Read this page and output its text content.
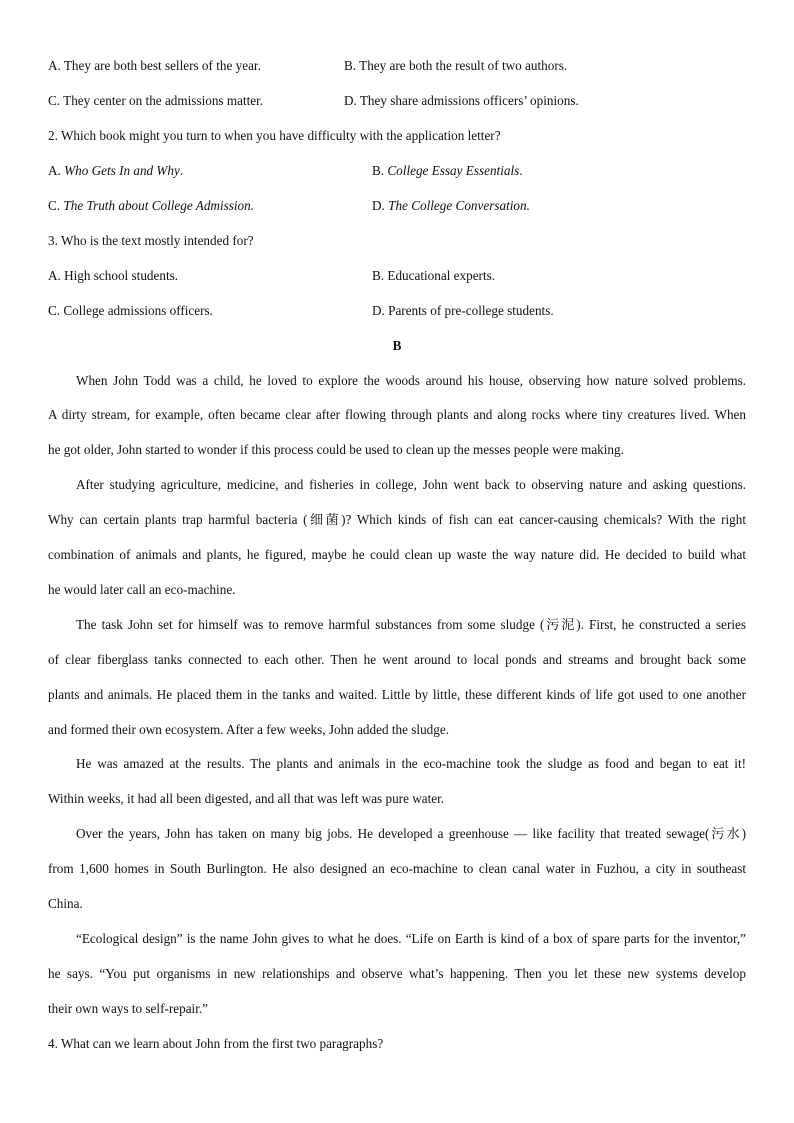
A. They are both best sellers of the year.	B. They are both the result of two authors.
C. They center on the admissions matter.	D. They share admissions officers’ opinions.
2. Which book might you turn to when you have difficulty with the application letter?
A. Who Gets In and Why.	B. College Essay Essentials.
C. The Truth about College Admission.	D. The College Conversation.
3. Who is the text mostly intended for?
A. High school students.	B. Educational experts.
C. College admissions officers.	D. Parents of pre-college students.
B
When John Todd was a child, he loved to explore the woods around his house, observing how nature solved problems.
A dirty stream, for example, often became clear after flowing through plants and along rocks where tiny creatures lived. When
he got older, John started to wonder if this process could be used to clean up the messes people were making.
After studying agriculture, medicine, and fisheries in college, John went back to observing nature and asking questions.
Why can certain plants trap harmful bacteria (细菌)? Which kinds of fish can eat cancer-causing chemicals? With the right
combination of animals and plants, he figured, maybe he could clean up waste the way nature did. He decided to build what
he would later call an eco-machine.
The task John set for himself was to remove harmful substances from some sludge (污泥). First, he constructed a series
of clear fiberglass tanks connected to each other. Then he went around to local ponds and streams and brought back some
plants and animals. He placed them in the tanks and waited. Little by little, these different kinds of life got used to one another
and formed their own ecosystem. After a few weeks, John added the sludge.
He was amazed at the results. The plants and animals in the eco-machine took the sludge as food and began to eat it!
Within weeks, it had all been digested, and all that was left was pure water.
Over the years, John has taken on many big jobs. He developed a greenhouse — like facility that treated sewage(污水)
from 1,600 homes in South Burlington. He also designed an eco-machine to clean canal water in Fuzhou, a city in southeast
China.
“Ecological design” is the name John gives to what he does. “Life on Earth is kind of a box of spare parts for the inventor,”
he says. “You put organisms in new relationships and observe what’s happening. Then you let these new systems develop
their own ways to self-repair.”
4. What can we learn about John from the first two paragraphs?
